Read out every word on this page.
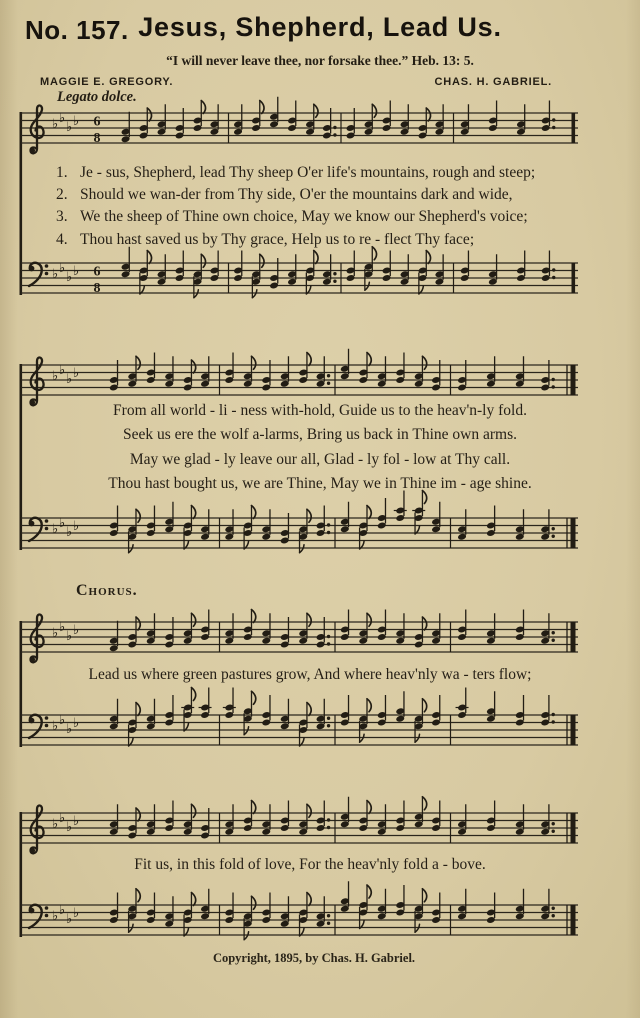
♭ ♭
♭ ♭
♭ ♭
♭ ♭
6
8
6
8
♭ ♭
♭ ♭
♭ ♭
♭ ♭
♭ ♭
♭ ♭
♭ ♭
♭ ♭
♭ ♭
♭ ♭
♭ ♭
♭ ♭
No. 157. Jesus, Shepherd, Lead Us.
“I will never leave thee, nor forsake thee.” Heb. 13: 5.
MAGGIE E. GREGORY.	CHAS. H. GABRIEL.
Legato dolce.
1. Je - sus, Shepherd, lead Thy sheep O'er life's mountains, rough and steep;
2. Should we wan-der from Thy side, O'er the mountains dark and wide,
3. We the sheep of Thine own choice, May we know our Shepherd's voice;
4. Thou hast saved us by Thy grace, Help us to re - flect Thy face;
From all world - li - ness with-hold, Guide us to the heav'n-ly fold.
Seek us ere the wolf a-larms, Bring us back in Thine own arms.
May we glad - ly leave our all, Glad - ly fol - low at Thy call.
Thou hast bought us, we are Thine, May we in Thine im - age shine.
Chorus.
Lead us where green pastures grow, And where heav'nly wa - ters flow;
Fit us, in this fold of love, For the heav'nly fold a - bove.
Copyright, 1895, by Chas. H. Gabriel.
